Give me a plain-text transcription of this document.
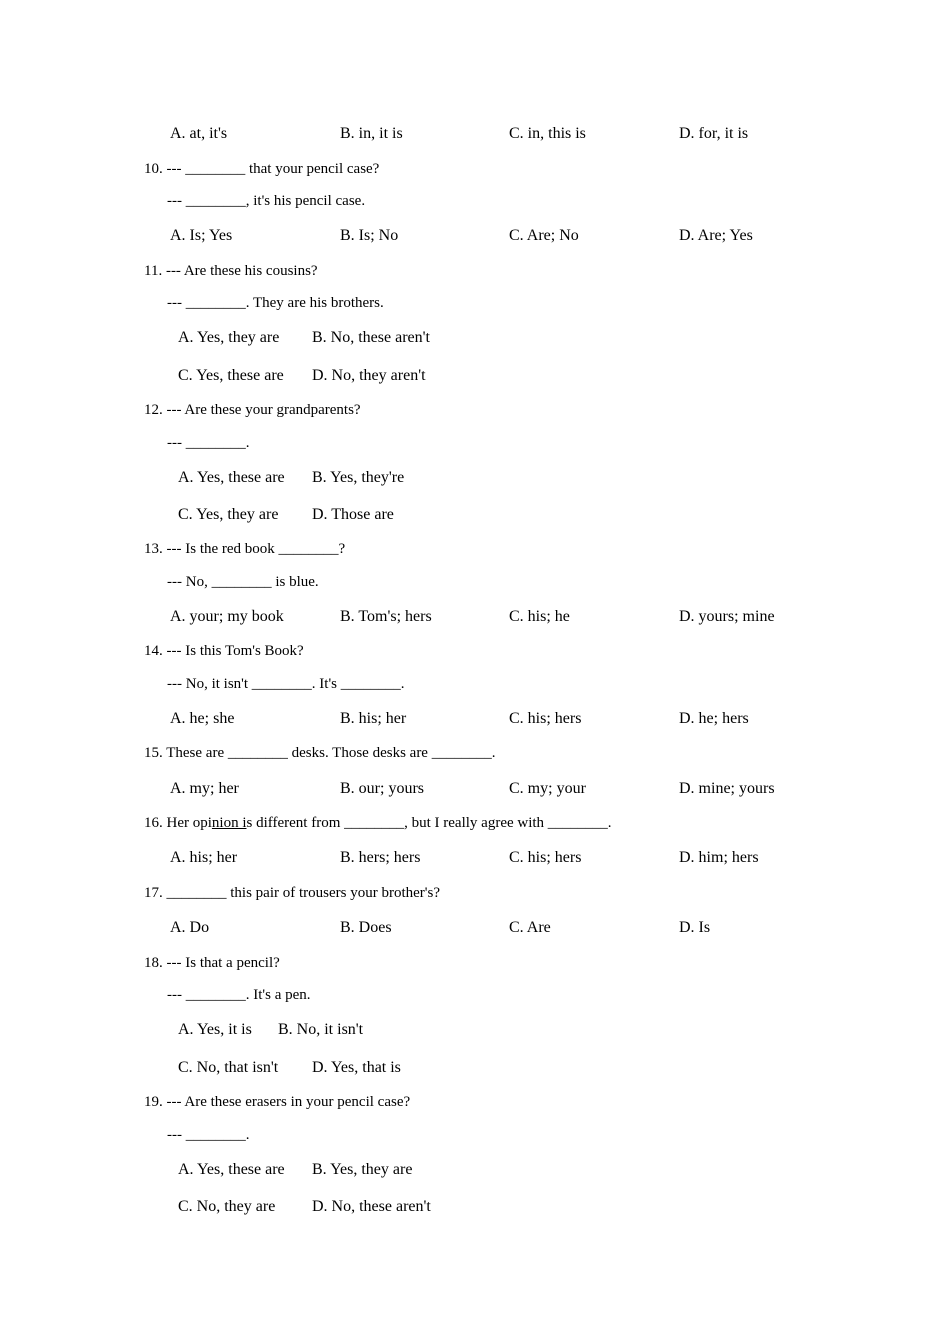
A. at, it's	B. in, it is	C. in, this is	D. for, it is
10. --- ________ that your pencil case?
--- ________, it's his pencil case.
A. Is; Yes	B. Is; No	C. Are; No	D. Are; Yes
11. --- Are these his cousins?
--- ________. They are his brothers.
A. Yes, they are B. No, these aren't
C. Yes, these are D. No, they aren't
12. --- Are these your grandparents?
--- ________.
A. Yes, these are B. Yes, they're
C. Yes, they are D. Those are
13. --- Is the red book ________?
--- No, ________ is blue.
A. your; my book	B. Tom's; hers	C. his; he	D. yours; mine
14. --- Is this Tom's Book?
--- No, it isn't ________. It's ________.
A. he; she	B. his; her	C. his; hers	D. he; hers
15. These are ________ desks. Those desks are ________.
A. my; her	B. our; yours	C. my; your	D. mine; yours
16. Her opinion is different from ________, but I really agree with ________.
A. his; her	B. hers; hers	C. his; hers	D. him; hers
17. ________ this pair of trousers your brother's?
A. Do	B. Does	C. Are	D. Is
18. --- Is that a pencil?
--- ________. It's a pen.
A. Yes, it is B. No, it isn't
C. No, that isn't D. Yes, that is
19. --- Are these erasers in your pencil case?
--- ________.
A. Yes, these are B. Yes, they are
C. No, they are D. No, these aren't
